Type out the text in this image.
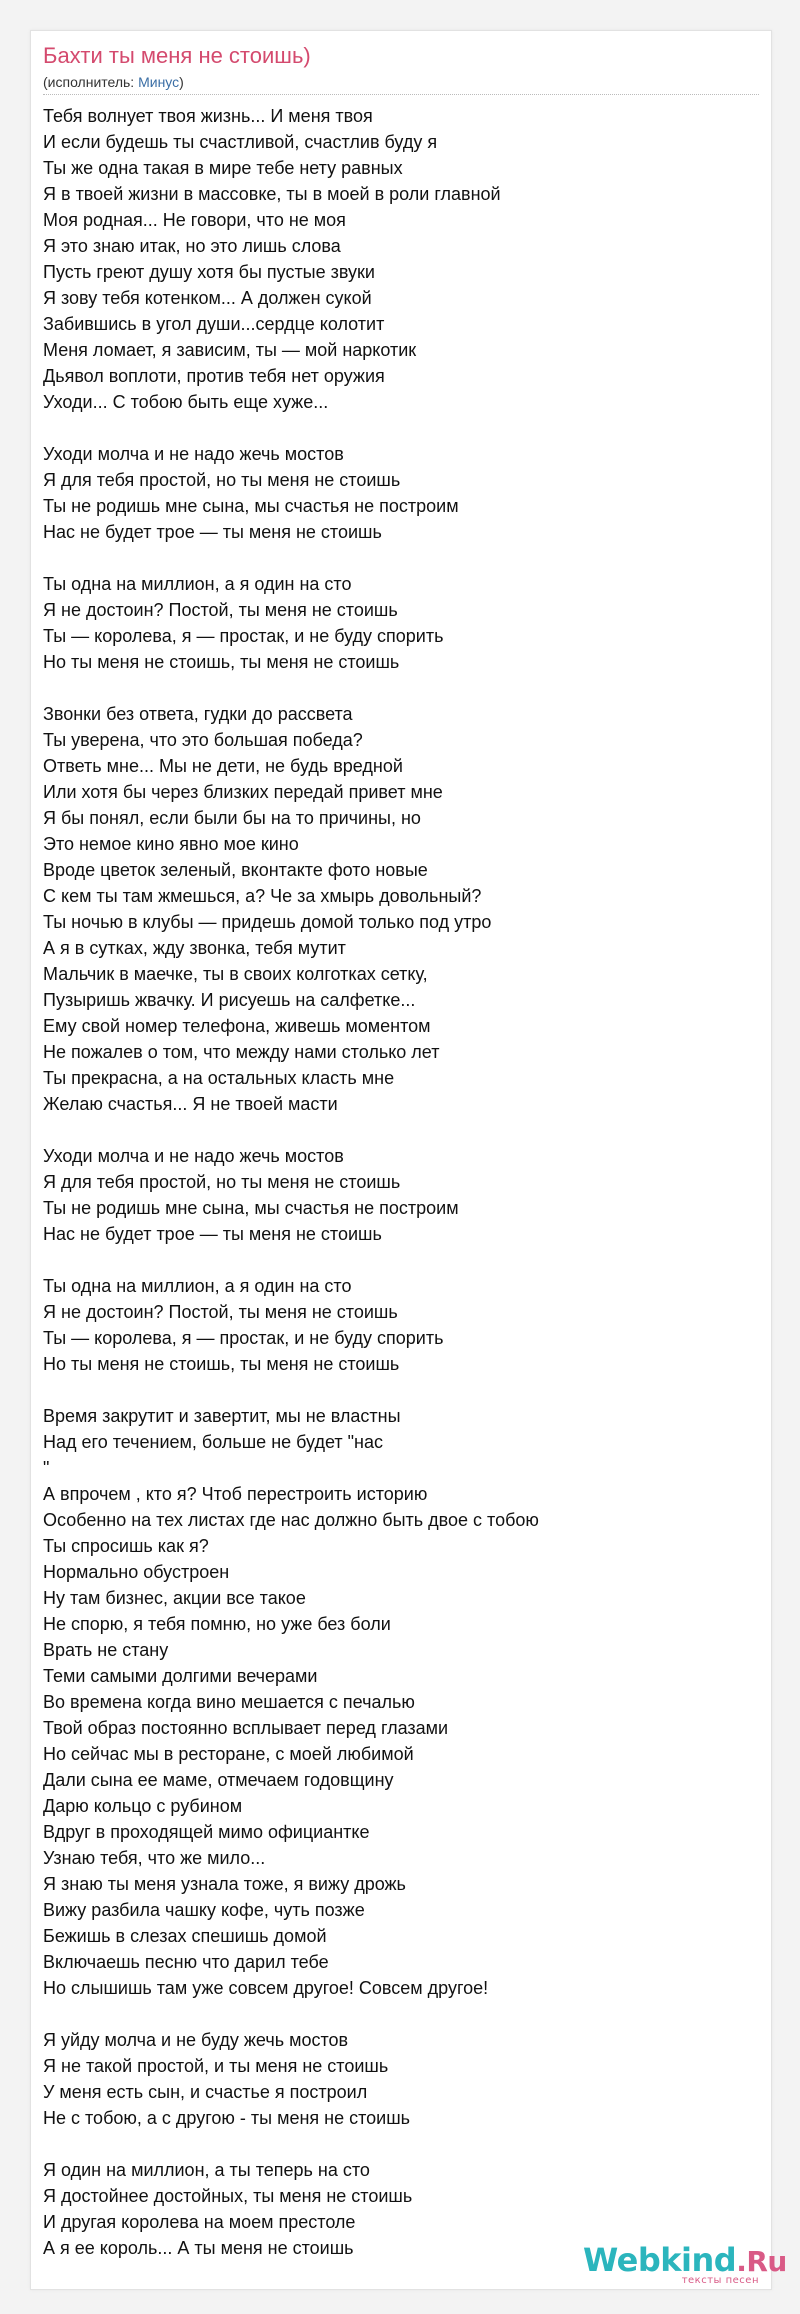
Бахти ты меня не стоишь)
(исполнитель: Минус)
Тебя волнует твоя жизнь... И меня твоя
И если будешь ты счастливой, счастлив буду я
Ты же одна такая в мире тебе нету равных
Я в твоей жизни в массовке, ты в моей в роли главной
Моя родная... Не говори, что не моя
Я это знаю итак, но это лишь слова
Пусть греют душу хотя бы пустые звуки
Я зову тебя котенком... А должен сукой
Забившись в угол души...сердце колотит
Меня ломает, я зависим, ты — мой наркотик
Дьявол воплоти, против тебя нет оружия
Уходи... С тобою быть еще хуже...
Уходи молча и не надо жечь мостов
Я для тебя простой, но ты меня не стоишь
Ты не родишь мне сына, мы счастья не построим
Нас не будет трое — ты меня не стоишь
Ты одна на миллион, а я один на сто
Я не достоин? Постой, ты меня не стоишь
Ты — королева, я — простак, и не буду спорить
Но ты меня не стоишь, ты меня не стоишь
Звонки без ответа, гудки до рассвета
Ты уверена, что это большая победа?
Ответь мне... Мы не дети, не будь вредной
Или хотя бы через близких передай привет мне
Я бы понял, если были бы на то причины, но
Это немое кино явно мое кино
Вроде цветок зеленый, вконтакте фото новые
С кем ты там жмешься, а? Че за хмырь довольный?
Ты ночью в клубы — придешь домой только под утро
А я в сутках, жду звонка, тебя мутит
Мальчик в маечке, ты в своих колготках сетку,
Пузыришь жвачку. И рисуешь на салфетке...
Ему свой номер телефона, живешь моментом
Не пожалев о том, что между нами столько лет
Ты прекрасна, а на остальных класть мне
Желаю счастья... Я не твоей масти
Уходи молча и не надо жечь мостов
Я для тебя простой, но ты меня не стоишь
Ты не родишь мне сына, мы счастья не построим
Нас не будет трое — ты меня не стоишь
Ты одна на миллион, а я один на сто
Я не достоин? Постой, ты меня не стоишь
Ты — королева, я — простак, и не буду спорить
Но ты меня не стоишь, ты меня не стоишь
Время закрутит и завертит, мы не властны
Над его течением, больше не будет "нас
"
А впрочем , кто я? Чтоб перестроить историю
Особенно на тех листах где нас должно быть двое с тобою
Ты спросишь как я?
Нормально обустроен
Ну там бизнес, акции все такое
Не спорю, я тебя помню, но уже без боли
Врать не стану
Теми самыми долгими вечерами
Во времена когда вино мешается с печалью
Твой образ постоянно всплывает перед глазами
Но сейчас мы в ресторане, с моей любимой
Дали сына ее маме, отмечаем годовщину
Дарю кольцо с рубином
Вдруг в проходящей мимо официантке
Узнаю тебя, что же мило...
Я знаю ты меня узнала тоже, я вижу дрожь
Вижу разбила чашку кофе, чуть позже
Бежишь в слезах спешишь домой
Включаешь песню что дарил тебе
Но слышишь там уже совсем другое! Совсем другое!
Я уйду молча и не буду жечь мостов
Я не такой простой, и ты меня не стоишь
У меня есть сын, и счастье я построил
Не с тобою, а с другою - ты меня не стоишь
Я один на миллион, а ты теперь на сто
Я достойнее достойных, ты меня не стоишь
И другая королева на моем престоле
А я ее король... А ты меня не стоишь	Webkind.Ru
тексты песен
